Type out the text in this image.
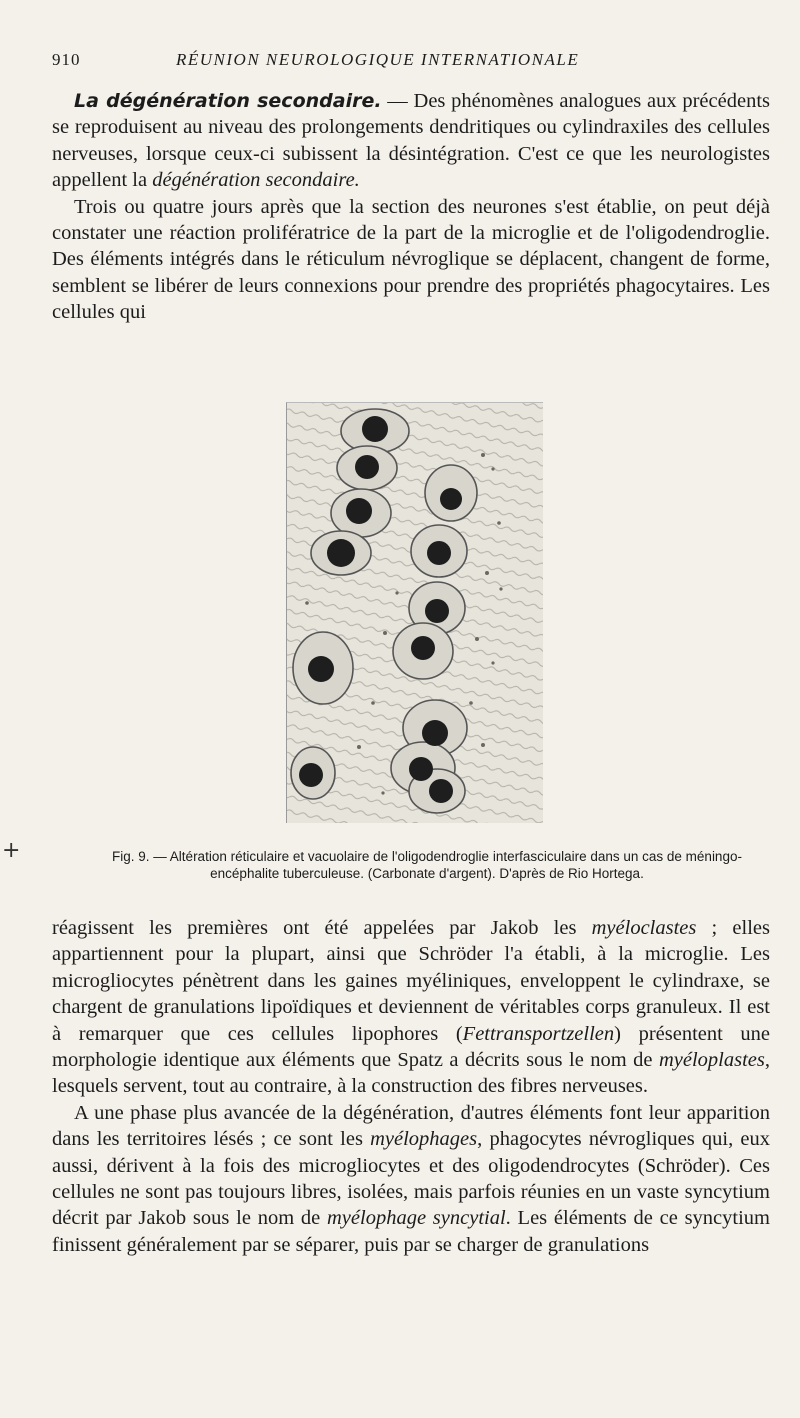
910	RÉUNION NEUROLOGIQUE INTERNATIONALE

La dégénération secondaire. — Des phénomènes analogues aux précédents se reproduisent au niveau des prolongements dendritiques ou cylindraxiles des cellules nerveuses, lorsque ceux-ci subissent la désintégration. C'est ce que les neurologistes appellent la dégénération secondaire.

Trois ou quatre jours après que la section des neurones s'est établie, on peut déjà constater une réaction prolifératrice de la part de la microglie et de l'oligodendroglie. Des éléments intégrés dans le réticulum névroglique se déplacent, changent de forme, semblent se libérer de leurs connexions pour prendre des propriétés phagocytaires. Les cellules qui

+	Fig. 9. — Altération réticulaire et vacuolaire de l'oligodendroglie interfasciculaire dans un cas de méningo-
encéphalite tuberculeuse. (Carbonate d'argent). D'après de Rio Hortega.

réagissent les premières ont été appelées par Jakob les myéloclastes ; elles appartiennent pour la plupart, ainsi que Schröder l'a établi, à la microglie. Les microgliocytes pénètrent dans les gaines myéliniques, enveloppent le cylindraxe, se chargent de granulations lipoïdiques et deviennent de véritables corps granuleux. Il est à remarquer que ces cellules lipophores (Fettransportzellen) présentent une morphologie identique aux éléments que Spatz a décrits sous le nom de myéloplastes, lesquels servent, tout au contraire, à la construction des fibres nerveuses.

A une phase plus avancée de la dégénération, d'autres éléments font leur apparition dans les territoires lésés ; ce sont les myélophages, phagocytes névrogliques qui, eux aussi, dérivent à la fois des microgliocytes et des oligodendrocytes (Schröder). Ces cellules ne sont pas toujours libres, isolées, mais parfois réunies en un vaste syncytium décrit par Jakob sous le nom de myélophage syncytial. Les éléments de ce syncytium finissent généralement par se séparer, puis par se charger de granulations
